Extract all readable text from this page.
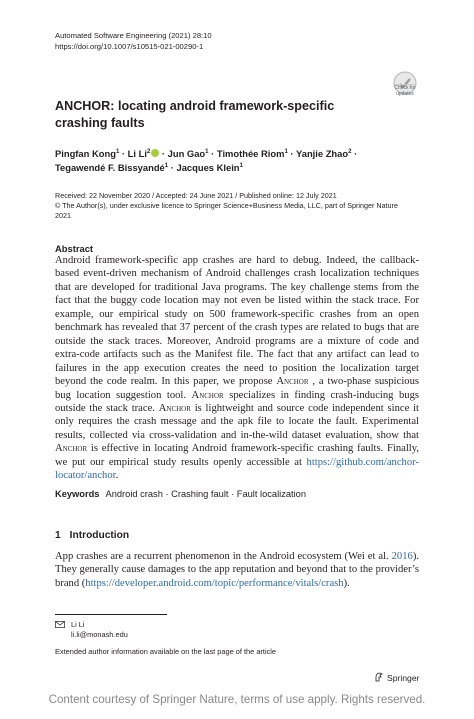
Automated Software Engineering (2021) 28:10
https://doi.org/10.1007/s10515-021-00290-1
Check for
updates
ANCHOR: locating android framework-specific crashing faults
Pingfan Kong$^1$ · Li $Li^2$ · Jun Gao$^1$ · Timothée Riom$^1$ · Yanjie Zhao$^2$ ·
Tegawendé F. Bissyandé$^1$ · Jacques Klein$^1$
Received: 22 November 2020 / Accepted: 24 June 2021 / Published online: 12 July 2021
© The Author(s), under exclusive licence to Springer Science+Business Media, LLC, part of Springer Nature
2021
Abstract
Android framework-specific app crashes are hard to debug. Indeed, the callback-based event-driven mechanism of Android challenges crash localization techniques that are developed for traditional Java programs. The key challenge stems from the fact that the buggy code location may not even be listed within the stack trace. For example, our empirical study on 500 framework-specific crashes from an open benchmark has revealed that 37 percent of the crash types are related to bugs that are outside the stack traces. Moreover, Android programs are a mixture of code and extra-code artifacts such as the Manifest file. The fact that any artifact can lead to failures in the app execution creates the need to position the localization target beyond the code realm. In this paper, we propose Anchor , a two-phase suspicious bug location suggestion tool. Anchor specializes in finding crash-inducing bugs outside the stack trace. Anchor is lightweight and source code independent since it only requires the crash message and the apk file to locate the fault. Experimental results, collected via cross-validation and in-the-wild dataset evaluation, show that Anchor is effective in locating Android framework-specific crashing faults. Finally, we put our empirical study results openly accessible at https://github.com/anchor-locator/anchor.
Keywords Android crash · Crashing fault · Fault localization
1 Introduction
App crashes are a recurrent phenomenon in the Android ecosystem (Wei et al. 2016). They generally cause damages to the app reputation and beyond that to the provider’s brand (https://developer.android.com/topic/performance/vitals/crash).
Li Li
li.li@monash.edu
Extended author information available on the last page of the article
Springer
Content courtesy of Springer Nature, terms of use apply. Rights reserved.
